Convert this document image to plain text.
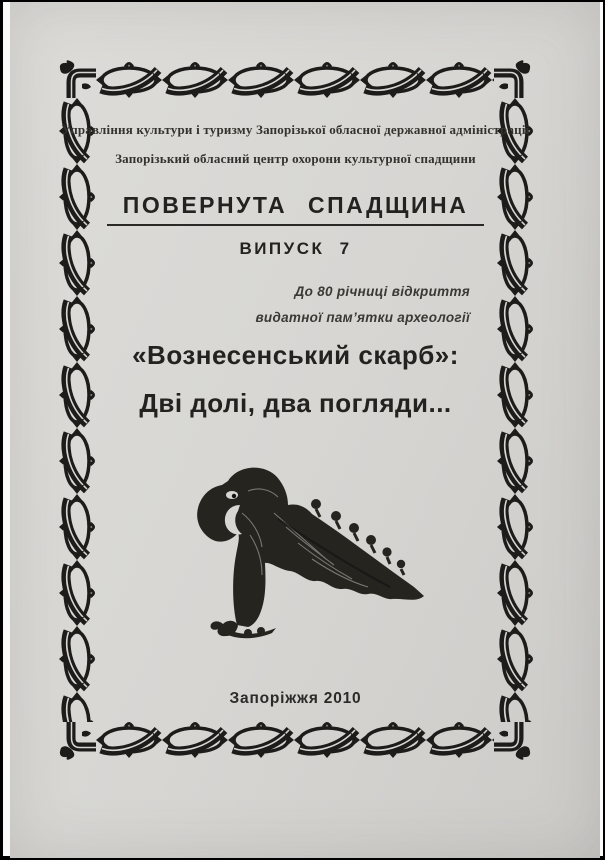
Управління культури і туризму Запорізької обласної державної адміністрації
Запорізький обласний центр охорони культурної спадщини
ПОВЕРНУТА СПАДЩИНА
ВИПУСК 7
До 80 річниці відкриття
видатної пам’ятки археології
«Вознесенський скарб»:
Дві долі, два погляди...
Запоріжжя 2010
